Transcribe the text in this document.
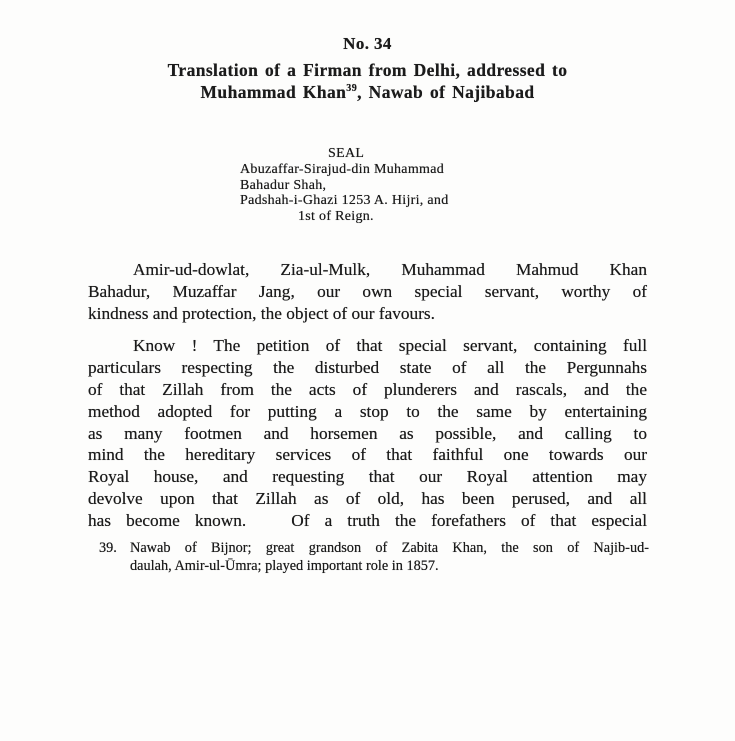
No. 34
Translation of a Firman from Delhi, addressed to
Muhammad Khan$^{39}$, Nawab of Najibabad
SEAL
Abuzaffar-Sirajud-din Muhammad
Bahadur Shah,
Padshah-i-Ghazi 1253 A. Hijri, and
1st of Reign.
Amir-ud-dowlat, Zia-ul-Mulk, Muhammad Mahmud Khan
Bahadur, Muzaffar Jang, our own special servant, worthy of
kindness and protection, the object of our favours.
Know ! The petition of that special servant, containing full
particulars respecting the disturbed state of all the Pergunnahs
of that Zillah from the acts of plunderers and rascals, and the
method adopted for putting a stop to the same by entertaining
as many footmen and horsemen as possible, and calling to
mind the hereditary services of that faithful one towards our
Royal house, and requesting that our Royal attention may
devolve upon that Zillah as of old, has been perused, and all
has become known.   Of a truth the forefathers of that especial
39. Nawab of Bijnor; great grandson of Zabita Khan, the son of Najib-ud-
daulah, Amir-ul-Ūmra; played important role in 1857.
